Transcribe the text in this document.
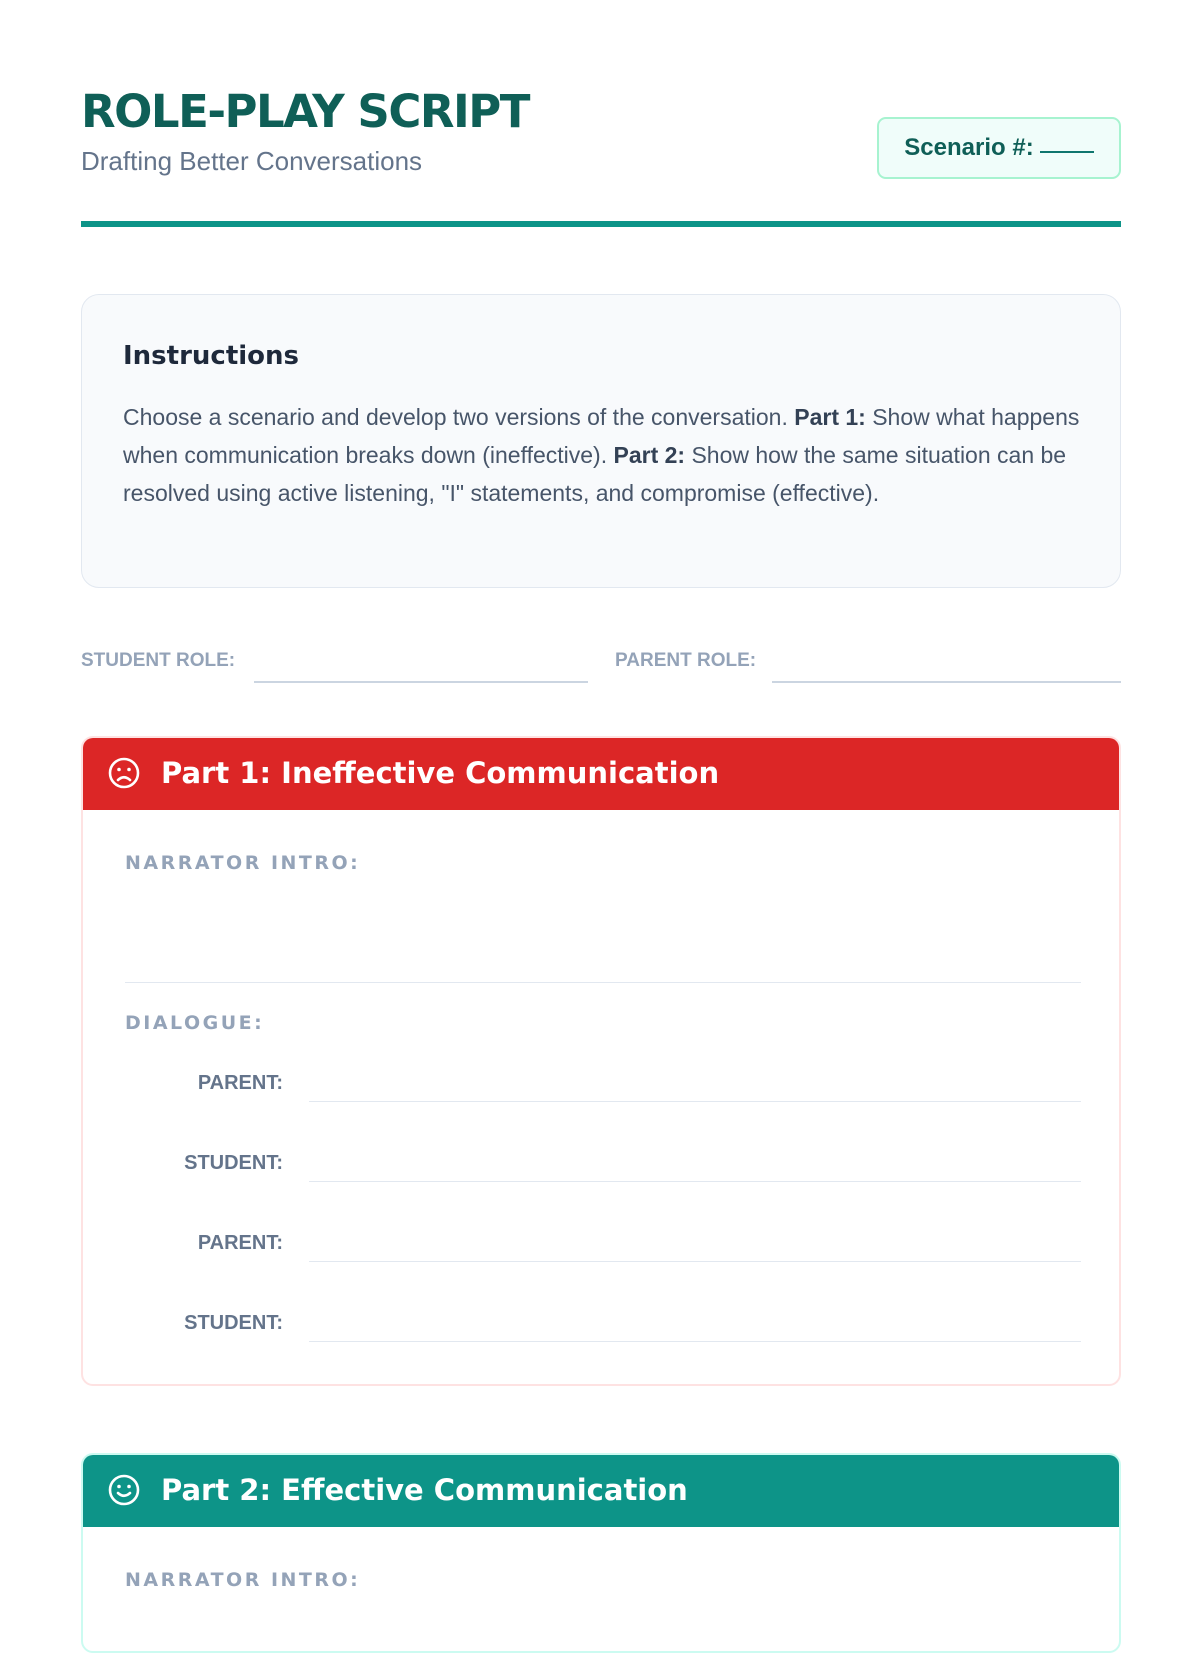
ROLE-PLAY SCRIPT
Drafting Better Conversations	Scenario #:
Instructions
Choose a scenario and develop two versions of the conversation. Part 1: Show what happens when communication breaks down (ineffective). Part 2: Show how the same situation can be resolved using active listening, "I" statements, and compromise (effective).
STUDENT ROLE:	PARENT ROLE:
Part 1: Ineffective Communication
NARRATOR INTRO:
DIALOGUE:
PARENT:
STUDENT:
PARENT:
STUDENT:
Part 2: Effective Communication
NARRATOR INTRO:
